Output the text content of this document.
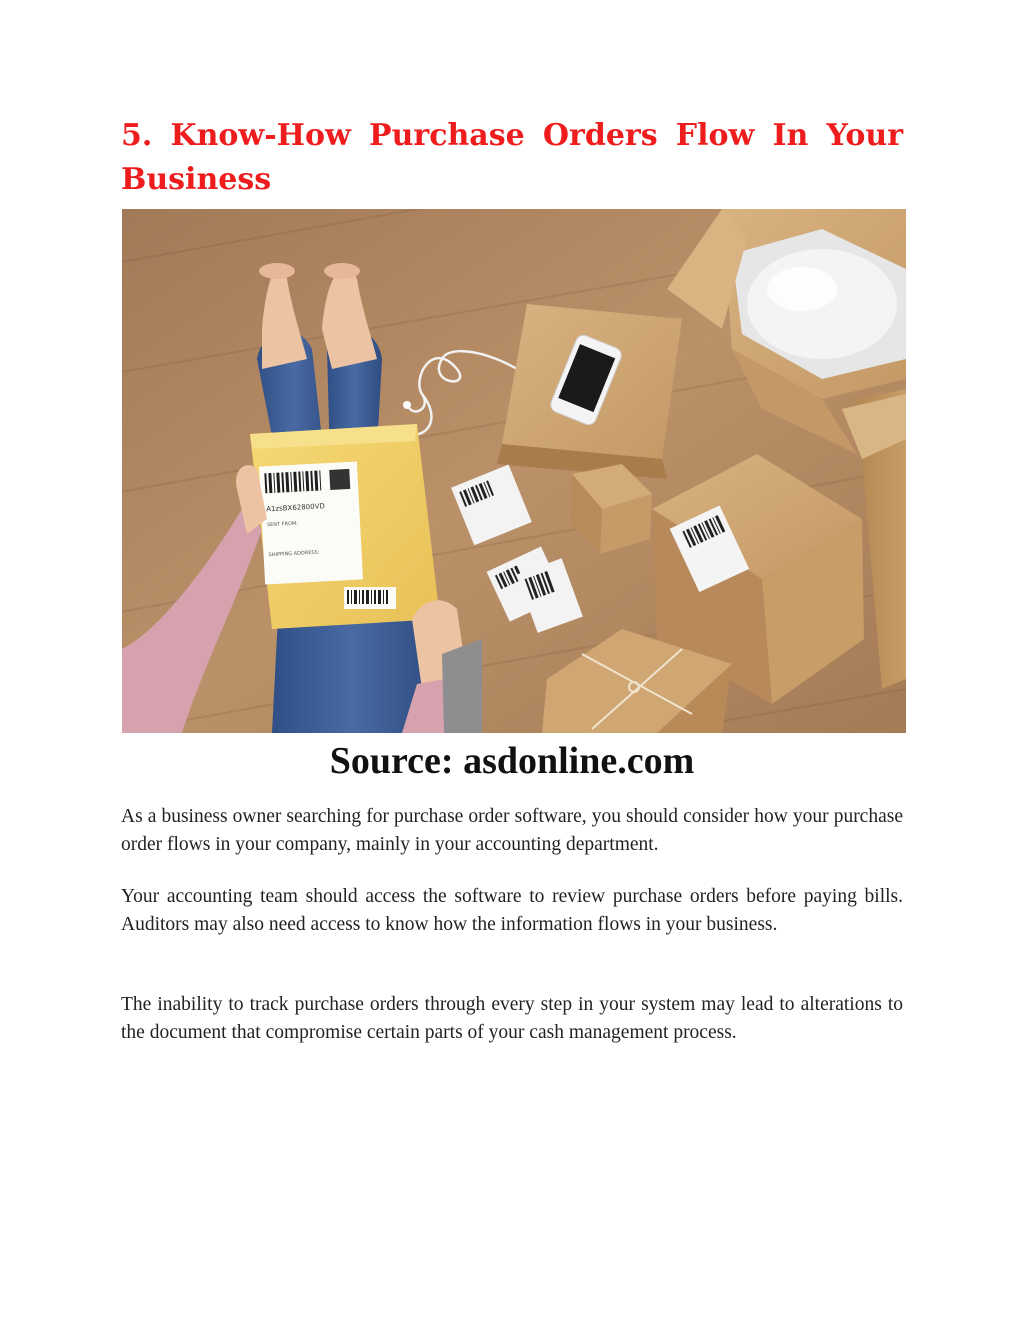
5. Know-How Purchase Orders Flow In Your Business
A1zsBX62800VD
SENT FROM:
SHIPPING ADDRESS:
Source: asdonline.com

As a business owner searching for purchase order software, you should consider how your purchase order flows in your company, mainly in your accounting department.

Your accounting team should access the software to review purchase orders before paying bills. Auditors may also need access to know how the information flows in your business.

The inability to track purchase orders through every step in your system may lead to alterations to the document that compromise certain parts of your cash management process.
